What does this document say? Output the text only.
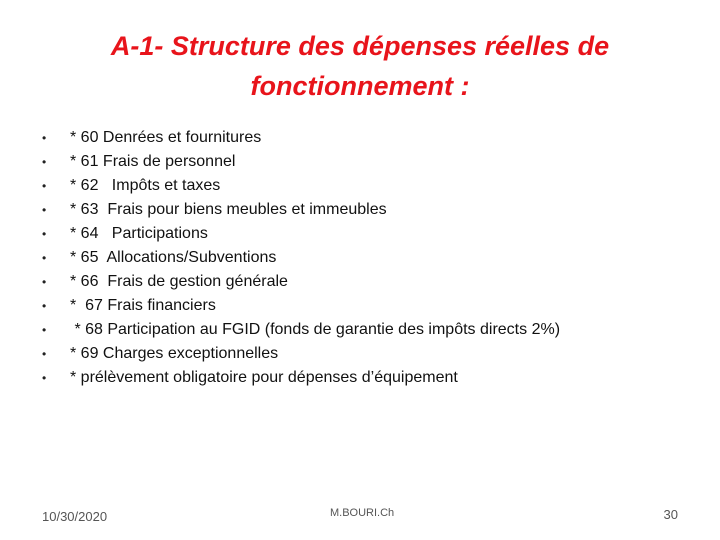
A-1- Structure des dépenses réelles de
fonctionnement :
• * 60 Denrées et fournitures
• * 61 Frais de personnel
• * 62   Impôts et taxes
• * 63  Frais pour biens meubles et immeubles
• * 64   Participations
• * 65  Allocations/Subventions
• * 66  Frais de gestion générale
• *  67 Frais financiers
• * 68 Participation au FGID (fonds de garantie des impôts directs 2%)
• * 69 Charges exceptionnelles
• * prélèvement obligatoire pour dépenses d’équipement
10/30/2020	M.BOURI.Ch	30
